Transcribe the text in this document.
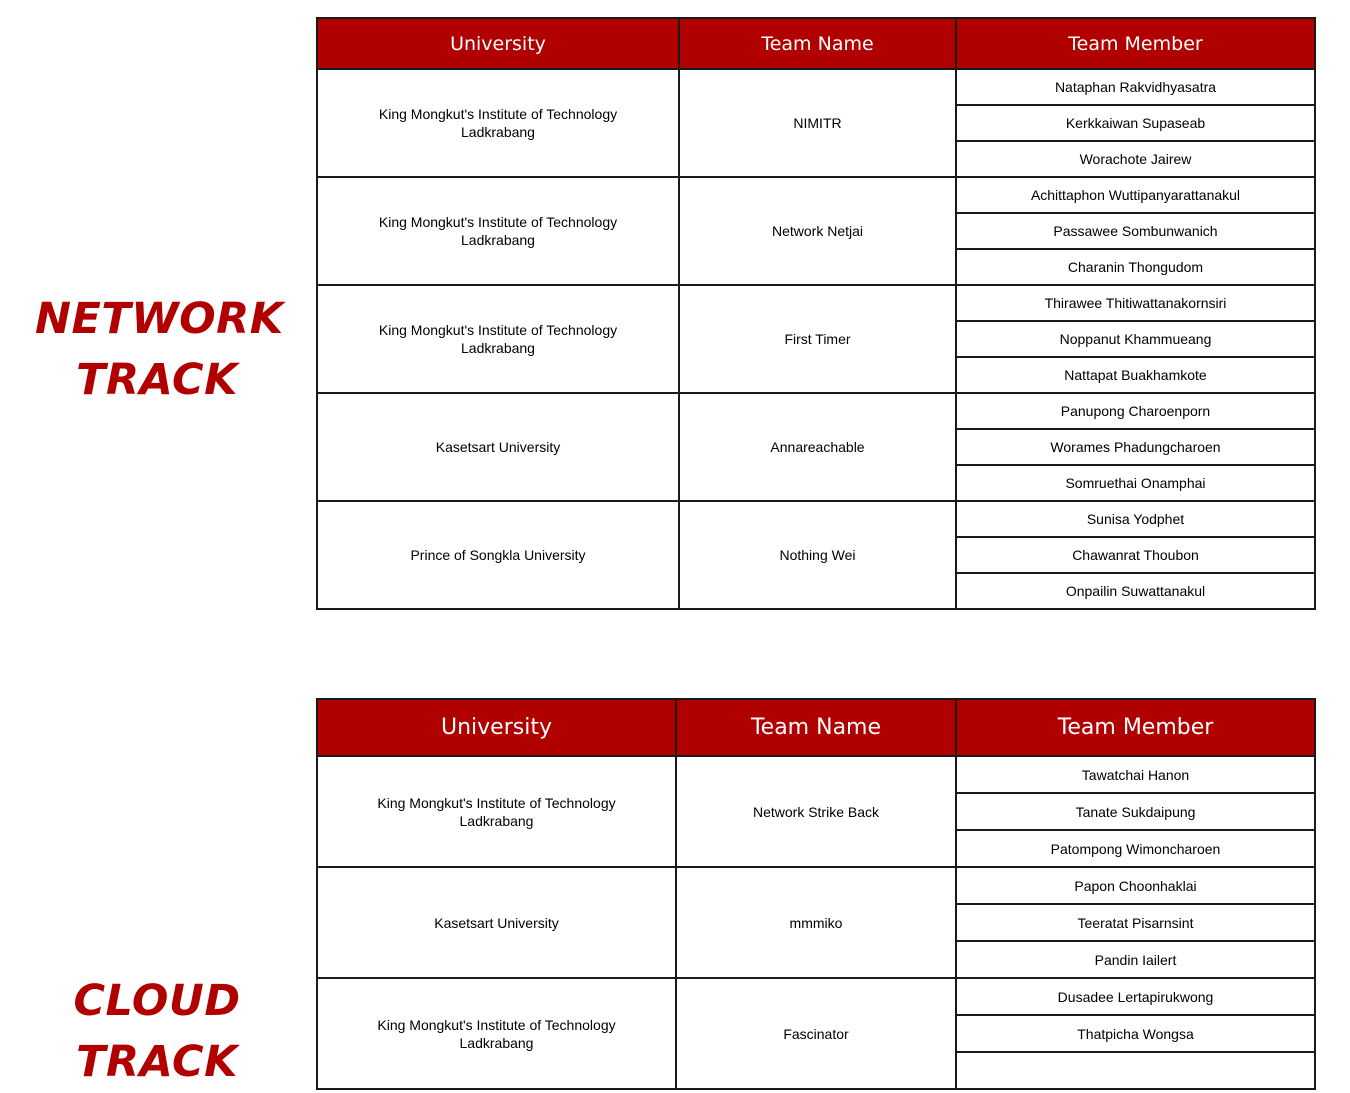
NETWORK
TRACK
University	Team Name	Team Member
King Mongkut's Institute of Technology
Ladkrabang	NIMITR	Nataphan Rakvidhyasatra
		Kerkkaiwan Supaseab
		Worachote Jairew
King Mongkut's Institute of Technology
Ladkrabang	Network Netjai	Achittaphon Wuttipanyarattanakul
		Passawee Sombunwanich
		Charanin Thongudom
King Mongkut's Institute of Technology
Ladkrabang	First Timer	Thirawee Thitiwattanakornsiri
		Noppanut Khammueang
		Nattapat Buakhamkote
Kasetsart University	Annareachable	Panupong Charoenporn
		Worames Phadungcharoen
		Somruethai Onamphai
Prince of Songkla University	Nothing Wei	Sunisa Yodphet
		Chawanrat Thoubon
		Onpailin Suwattanakul
CLOUD
TRACK
University	Team Name	Team Member
King Mongkut's Institute of Technology
Ladkrabang	Network Strike Back	Tawatchai Hanon
		Tanate Sukdaipung
		Patompong Wimoncharoen
Kasetsart University	mmmiko	Papon Choonhaklai
		Teeratat Pisarnsint
		Pandin Iailert
King Mongkut's Institute of Technology
Ladkrabang	Fascinator	Dusadee Lertapirukwong
		Thatpicha Wongsa
